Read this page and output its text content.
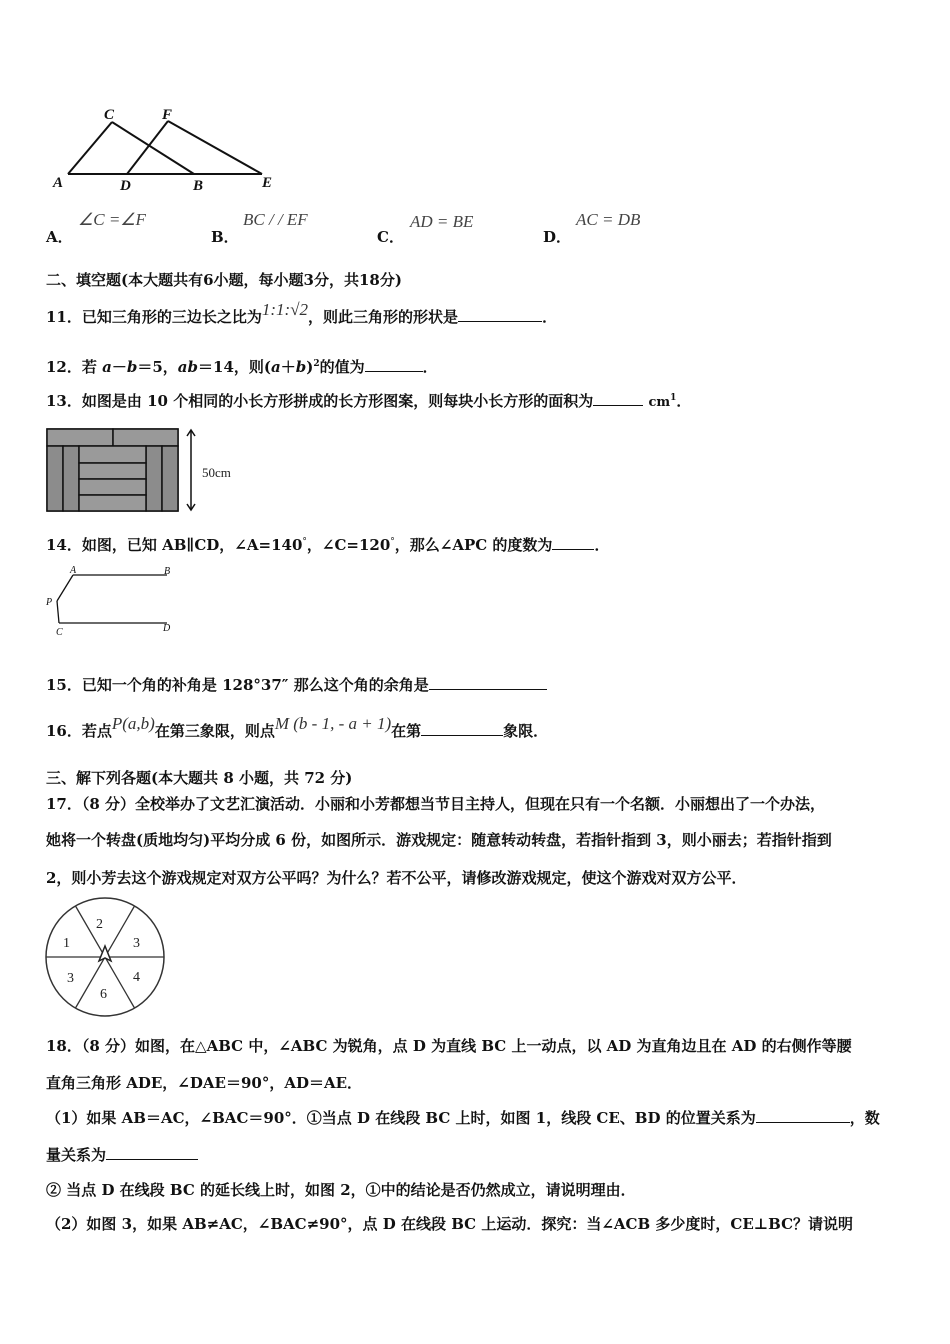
A
C	F
D	B	E
A．
∠C =∠F
B．
BC / / EF
C．
AD = BE
D．
AC = DB
二、填空题(本大题共有6小题，每小题3分，共18分)
11．已知三角形的三边长之比为1:1:√2，则此三角形的形状是	．
12．若 a－b＝5，ab＝14，则$(a+b)^2$的值为	．
13．如图是由 10 个相同的小长方形拼成的长方形图案，则每块小长方形的面积为	$cm^1$．
50cm
14．如图，已知 AB∥CD，∠A=140°，∠C=120°，那么∠APC 的度数为	．
A	B
P
C	D
15．已知一个角的补角是 128°37″ 那么这个角的余角是
16．若点P(a,b)在第三象限，则点M (b - 1, - a + 1)在第	象限．
三、解下列各题(本大题共 8 小题，共 72 分)
17．（8 分）全校举办了文艺汇演活动．小丽和小芳都想当节目主持人，但现在只有一个名额．小丽想出了一个办法，
她将一个转盘(质地均匀)平均分成 6 份，如图所示．游戏规定：随意转动转盘，若指针指到 3，则小丽去；若指针指到
2，则小芳去这个游戏规定对双方公平吗？为什么？若不公平，请修改游戏规定，使这个游戏对双方公平．
2
3
4
6
3
1
18．（8 分）如图，在△ABC 中，∠ABC 为锐角，点 D 为直线 BC 上一动点，以 AD 为直角边且在 AD 的右侧作等腰
直角三角形 ADE，∠DAE＝90°，AD＝AE．
（1）如果 AB＝AC，∠BAC＝90°．①当点 D 在线段 BC 上时，如图 1，线段 CE、BD 的位置关系为	，数
量关系为
② 当点 D 在线段 BC 的延长线上时，如图 2，①中的结论是否仍然成立，请说明理由．
（2）如图 3，如果 AB≠AC，∠BAC≠90°，点 D 在线段 BC 上运动．探究：当∠ACB 多少度时，CE⊥BC？请说明
